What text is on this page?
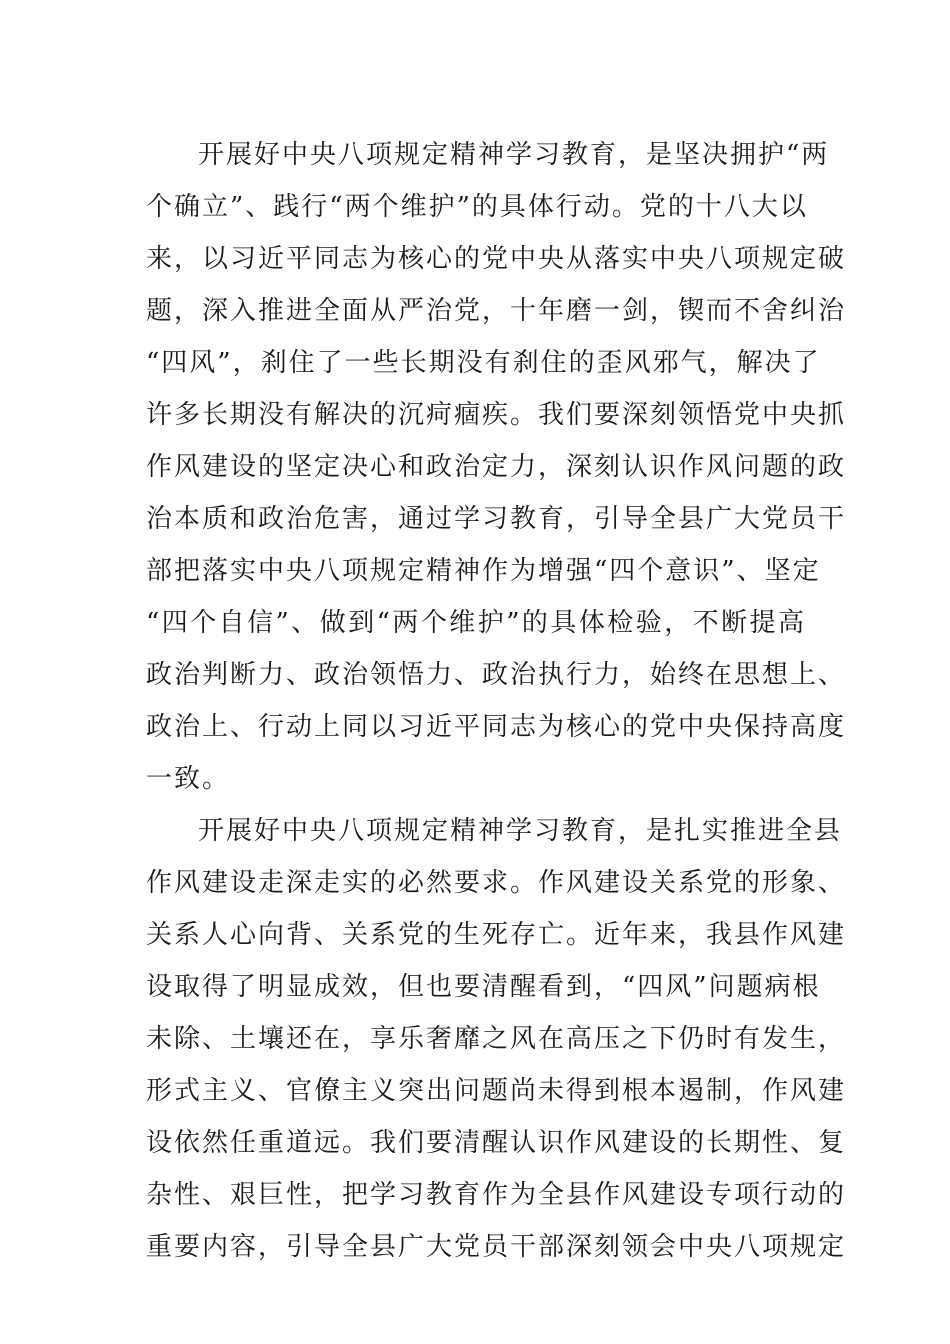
开展好中央八项规定精神学习教育，是坚决拥护“两
个确立”、践行“两个维护”的具体行动。党的十八大以
来，以习近平同志为核心的党中央从落实中央八项规定破
题，深入推进全面从严治党，十年磨一剑，锲而不舍纠治
“四风”，刹住了一些长期没有刹住的歪风邪气，解决了
许多长期没有解决的沉疴痼疾。我们要深刻领悟党中央抓
作风建设的坚定决心和政治定力，深刻认识作风问题的政
治本质和政治危害，通过学习教育，引导全县广大党员干
部把落实中央八项规定精神作为增强“四个意识”、坚定
“四个自信”、做到“两个维护”的具体检验，不断提高
政治判断力、政治领悟力、政治执行力，始终在思想上、
政治上、行动上同以习近平同志为核心的党中央保持高度
一致。
开展好中央八项规定精神学习教育，是扎实推进全县
作风建设走深走实的必然要求。作风建设关系党的形象、
关系人心向背、关系党的生死存亡。近年来，我县作风建
设取得了明显成效，但也要清醒看到，“四风”问题病根
未除、土壤还在，享乐奢靡之风在高压之下仍时有发生，
形式主义、官僚主义突出问题尚未得到根本遏制，作风建
设依然任重道远。我们要清醒认识作风建设的长期性、复
杂性、艰巨性，把学习教育作为全县作风建设专项行动的
重要内容，引导全县广大党员干部深刻领会中央八项规定
